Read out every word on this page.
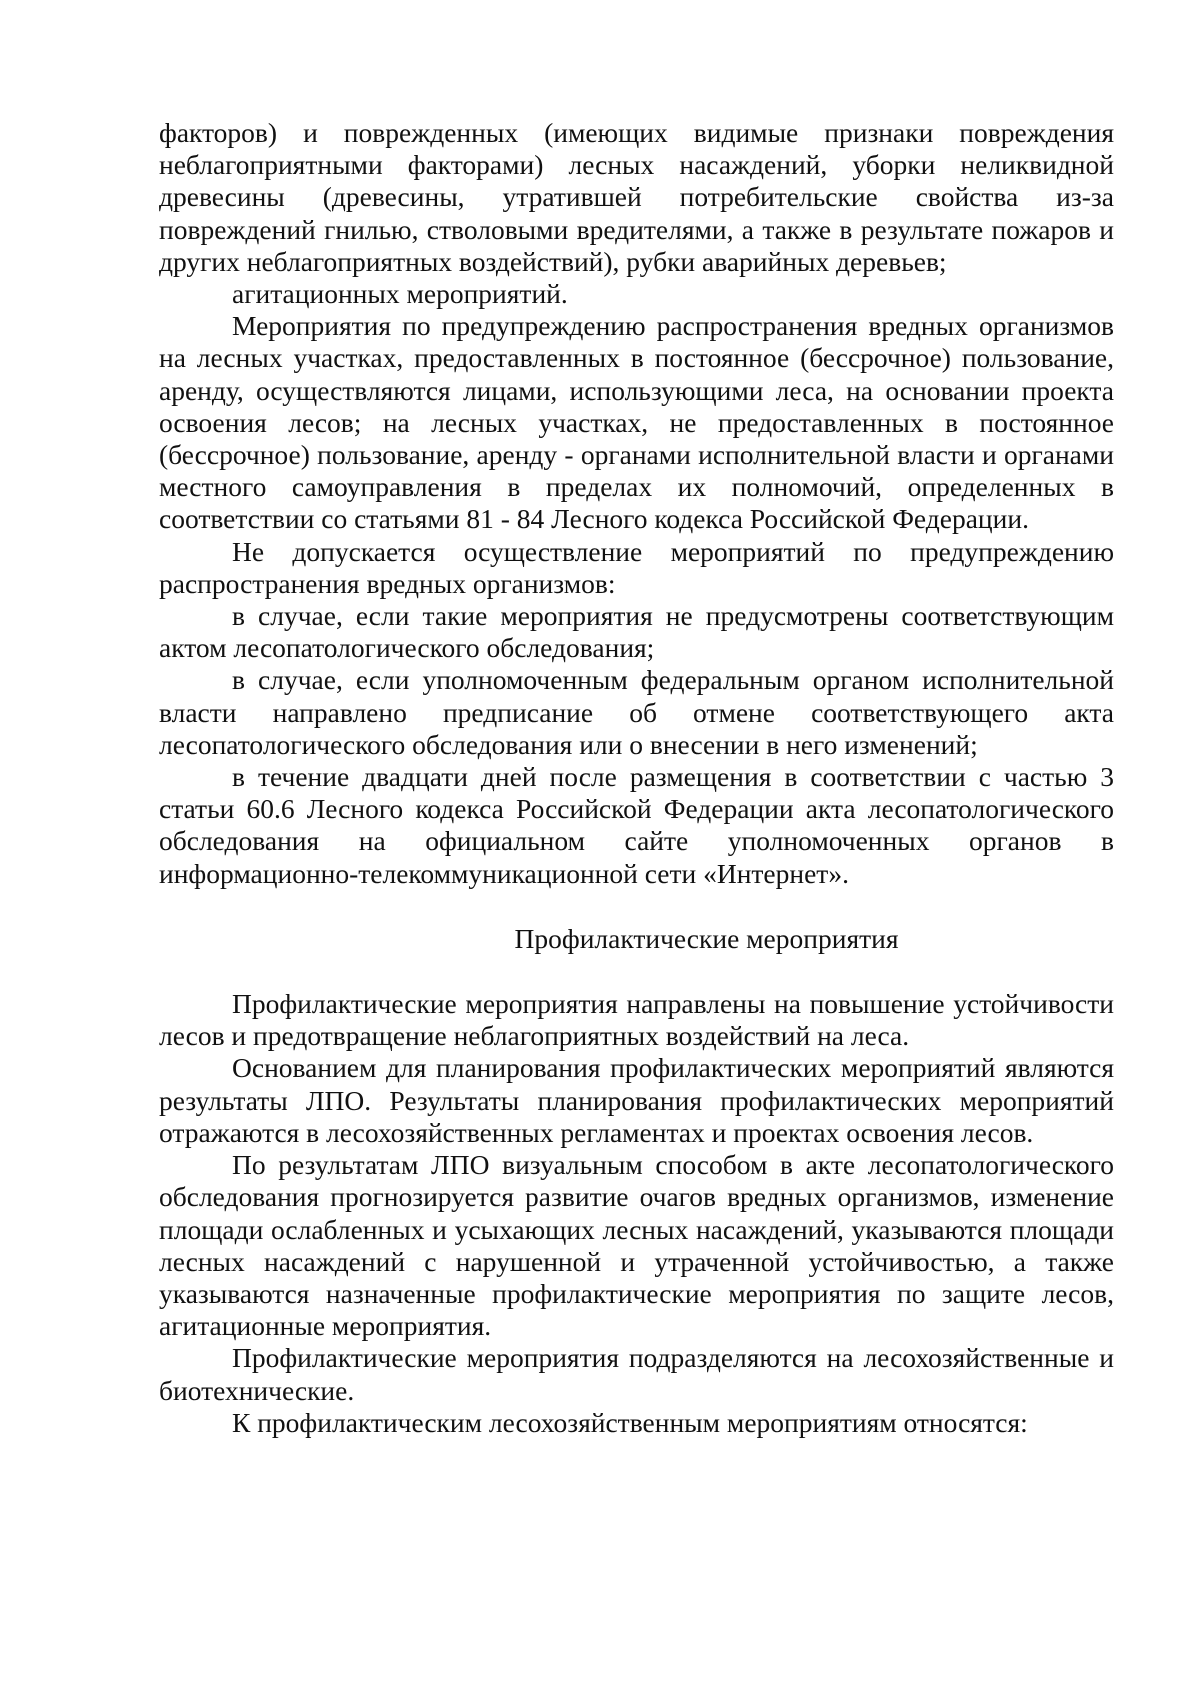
факторов) и поврежденных (имеющих видимые признаки повреждения неблагоприятными факторами) лесных насаждений, уборки неликвидной древесины (древесины, утратившей потребительские свойства из-за повреждений гнилью, стволовыми вредителями, а также в результате пожаров и других неблагоприятных воздействий), рубки аварийных деревьев;

агитационных мероприятий.

Мероприятия по предупреждению распространения вредных организмов на лесных участках, предоставленных в постоянное (бессрочное) пользование, аренду, осуществляются лицами, использующими леса, на основании проекта освоения лесов; на лесных участках, не предоставленных в постоянное (бессрочное) пользование, аренду - органами исполнительной власти и органами местного самоуправления в пределах их полномочий, определенных в соответствии со статьями 81 - 84 Лесного кодекса Российской Федерации.

Не допускается осуществление мероприятий по предупреждению распространения вредных организмов:

в случае, если такие мероприятия не предусмотрены соответствующим актом лесопатологического обследования;

в случае, если уполномоченным федеральным органом исполнительной власти направлено предписание об отмене соответствующего акта лесопатологического обследования или о внесении в него изменений;

в течение двадцати дней после размещения в соответствии с частью 3 статьи 60.6 Лесного кодекса Российской Федерации акта лесопатологического обследования на официальном сайте уполномоченных органов в информационно-телекоммуникационной сети «Интернет».

Профилактические мероприятия

Профилактические мероприятия направлены на повышение устойчивости лесов и предотвращение неблагоприятных воздействий на леса.

Основанием для планирования профилактических мероприятий являются результаты ЛПО. Результаты планирования профилактических мероприятий отражаются в лесохозяйственных регламентах и проектах освоения лесов.

По результатам ЛПО визуальным способом в акте лесопатологического обследования прогнозируется развитие очагов вредных организмов, изменение площади ослабленных и усыхающих лесных насаждений, указываются площади лесных насаждений с нарушенной и утраченной устойчивостью, а также указываются назначенные профилактические мероприятия по защите лесов, агитационные мероприятия.

Профилактические мероприятия подразделяются на лесохозяйственные и биотехнические.

К профилактическим лесохозяйственным мероприятиям относятся:
